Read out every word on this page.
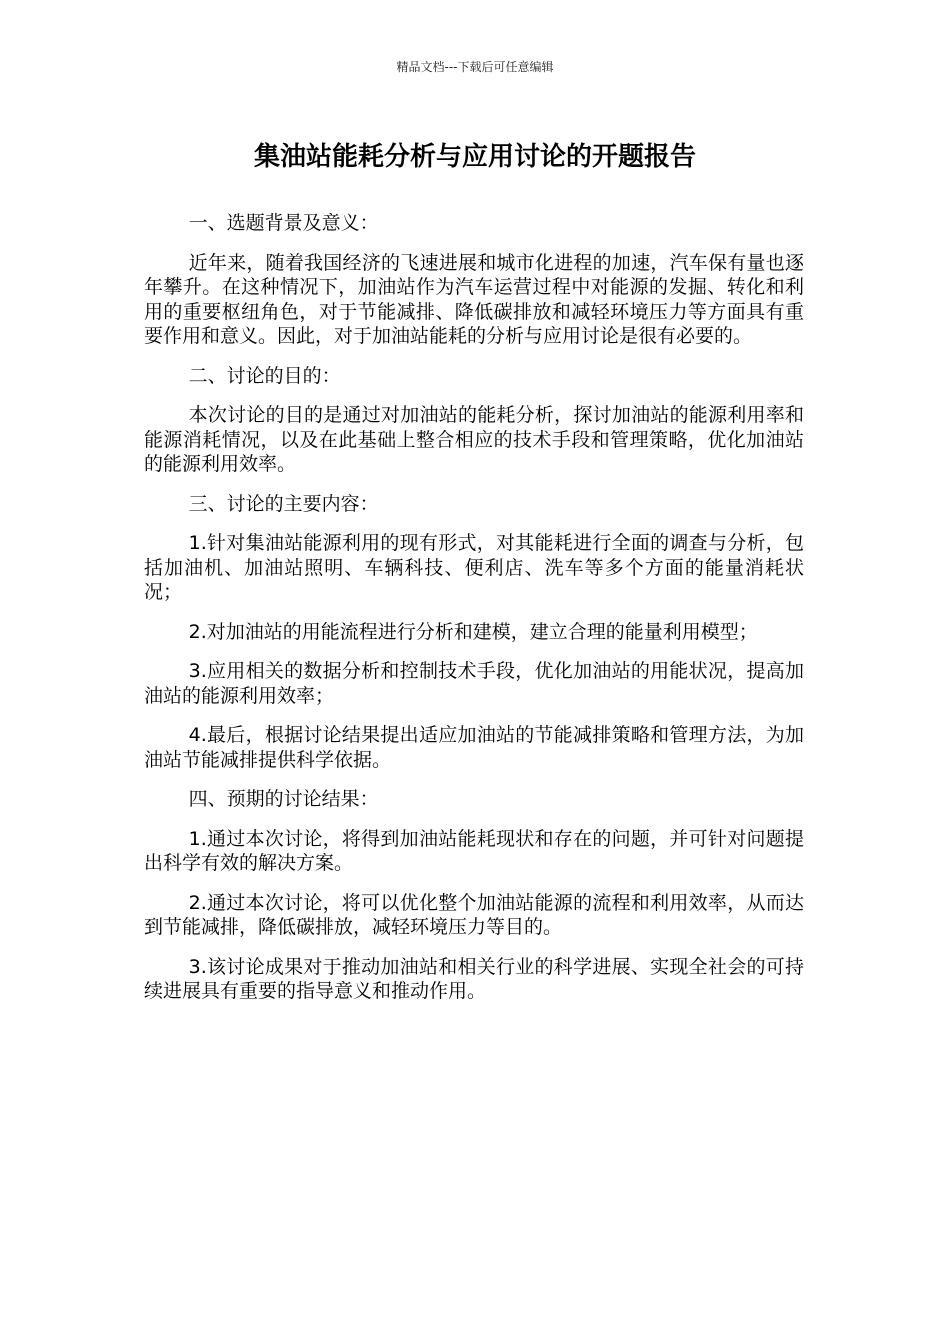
精品文档---下载后可任意编辑
集油站能耗分析与应用讨论的开题报告

一、选题背景及意义：

近年来，随着我国经济的飞速进展和城市化进程的加速，汽车保有量也逐年攀升。在这种情况下，加油站作为汽车运营过程中对能源的发掘、转化和利用的重要枢纽角色，对于节能减排、降低碳排放和减轻环境压力等方面具有重要作用和意义。因此，对于加油站能耗的分析与应用讨论是很有必要的。

二、讨论的目的：

本次讨论的目的是通过对加油站的能耗分析，探讨加油站的能源利用率和能源消耗情况，以及在此基础上整合相应的技术手段和管理策略，优化加油站的能源利用效率。

三、讨论的主要内容：

1.针对集油站能源利用的现有形式，对其能耗进行全面的调查与分析，包括加油机、加油站照明、车辆科技、便利店、洗车等多个方面的能量消耗状况；

2.对加油站的用能流程进行分析和建模，建立合理的能量利用模型；

3.应用相关的数据分析和控制技术手段，优化加油站的用能状况，提高加油站的能源利用效率；

4.最后，根据讨论结果提出适应加油站的节能减排策略和管理方法，为加油站节能减排提供科学依据。

四、预期的讨论结果：

1.通过本次讨论，将得到加油站能耗现状和存在的问题，并可针对问题提出科学有效的解决方案。

2.通过本次讨论，将可以优化整个加油站能源的流程和利用效率，从而达到节能减排，降低碳排放，减轻环境压力等目的。

3.该讨论成果对于推动加油站和相关行业的科学进展、实现全社会的可持续进展具有重要的指导意义和推动作用。
